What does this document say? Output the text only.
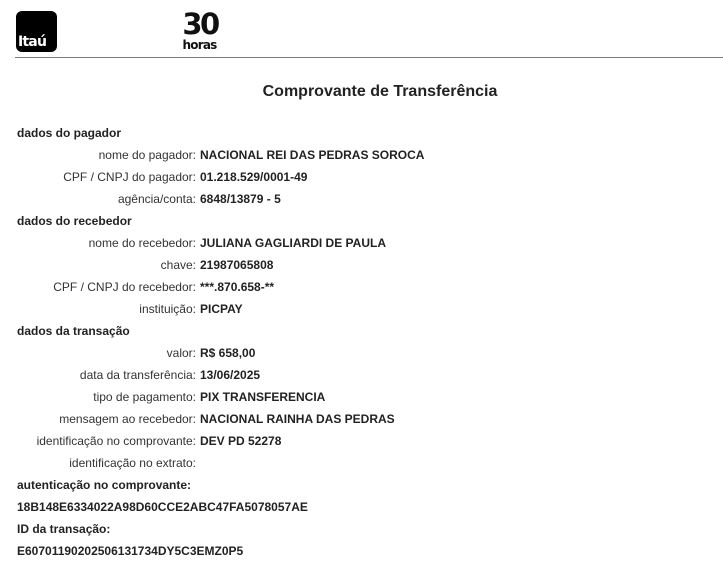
Itaú
30
horas
Comprovante de Transferência
dados do pagador
nome do pagador: NACIONAL REI DAS PEDRAS SOROCA
CPF / CNPJ do pagador: 01.218.529/0001-49
agência/conta: 6848/13879 - 5
dados do recebedor
nome do recebedor: JULIANA GAGLIARDI DE PAULA
chave: 21987065808
CPF / CNPJ do recebedor: ***.870.658-**
instituição: PICPAY
dados da transação
valor: R$ 658,00
data da transferência: 13/06/2025
tipo de pagamento: PIX TRANSFERENCIA
mensagem ao recebedor: NACIONAL RAINHA DAS PEDRAS
identificação no comprovante: DEV PD 52278
identificação no extrato:
autenticação no comprovante:
18B148E6334022A98D60CCE2ABC47FA5078057AE
ID da transação:
E60701190202506131734DY5C3EMZ0P5
